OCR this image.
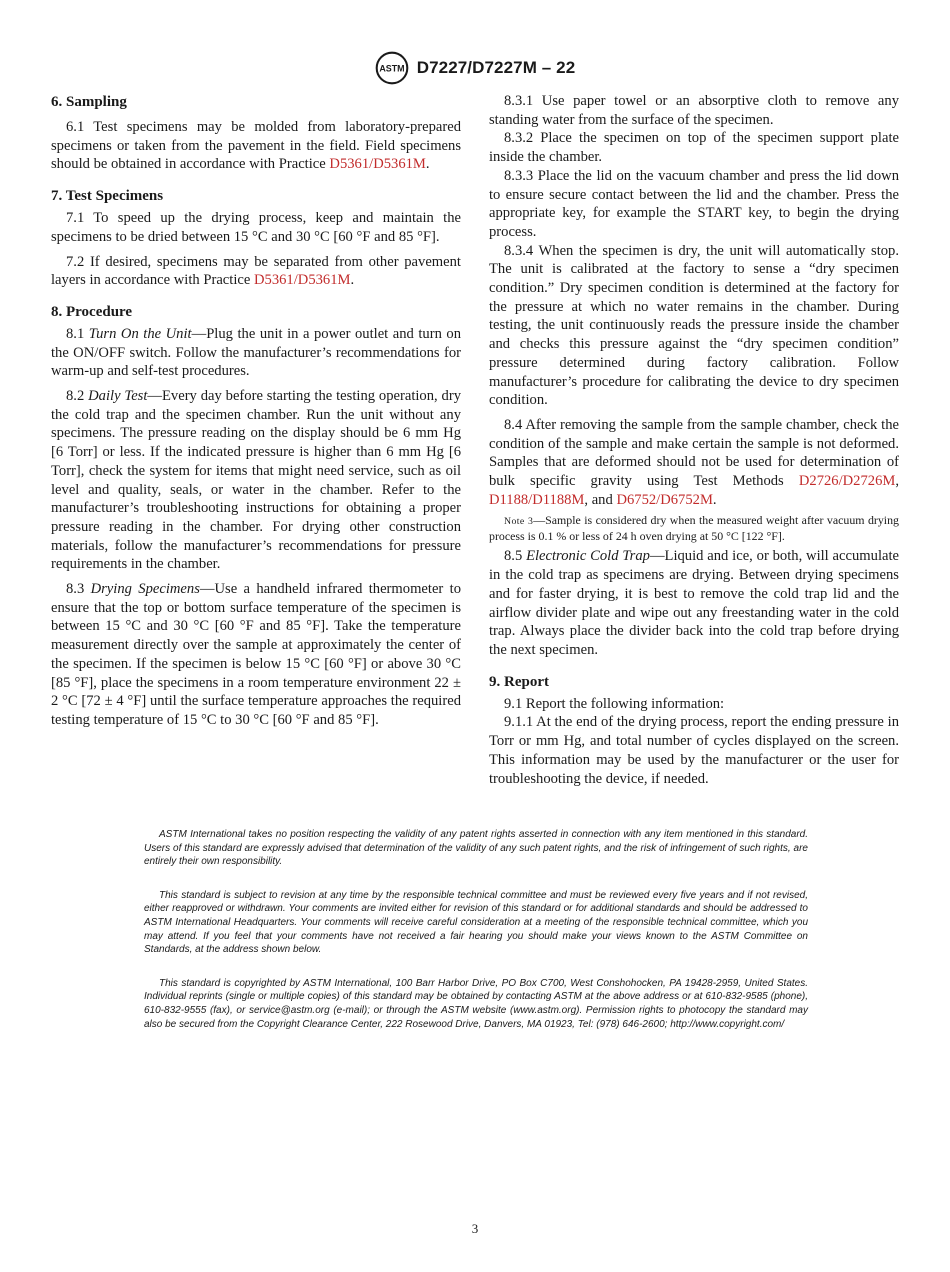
ASTM D7227/D7227M – 22
6. Sampling

6.1 Test specimens may be molded from laboratory-prepared specimens or taken from the pavement in the field. Field specimens should be obtained in accordance with Practice D5361/D5361M.

7. Test Specimens

7.1 To speed up the drying process, keep and maintain the specimens to be dried between 15 °C and 30 °C [60 °F and 85 °F].

7.2 If desired, specimens may be separated from other pavement layers in accordance with Practice D5361/D5361M.

8. Procedure

8.1 Turn On the Unit—Plug the unit in a power outlet and turn on the ON/OFF switch. Follow the manufacturer’s recommendations for warm-up and self-test procedures.

8.2 Daily Test—Every day before starting the testing operation, dry the cold trap and the specimen chamber. Run the unit without any specimens. The pressure reading on the display should be 6 mm Hg [6 Torr] or less. If the indicated pressure is higher than 6 mm Hg [6 Torr], check the system for items that might need service, such as oil level and quality, seals, or water in the chamber. Refer to the manufacturer’s troubleshooting instructions for obtaining a proper pressure reading in the chamber. For drying other construction materials, follow the manufacturer’s recommendations for pressure requirements in the chamber.

8.3 Drying Specimens—Use a handheld infrared thermometer to ensure that the top or bottom surface temperature of the specimen is between 15 °C and 30 °C [60 °F and 85 °F]. Take the temperature measurement directly over the sample at approximately the center of the specimen. If the specimen is below 15 °C [60 °F] or above 30 °C [85 °F], place the specimens in a room temperature environment 22 ± 2 °C [72 ± 4 °F] until the surface temperature approaches the required testing temperature of 15 °C to 30 °C [60 °F and 85 °F].

8.3.1 Use paper towel or an absorptive cloth to remove any standing water from the surface of the specimen.

8.3.2 Place the specimen on top of the specimen support plate inside the chamber.

8.3.3 Place the lid on the vacuum chamber and press the lid down to ensure secure contact between the lid and the chamber. Press the appropriate key, for example the START key, to begin the drying process.

8.3.4 When the specimen is dry, the unit will automatically stop. The unit is calibrated at the factory to sense a “dry specimen condition.” Dry specimen condition is determined at the factory for the pressure at which no water remains in the chamber. During testing, the unit continuously reads the pressure inside the chamber and checks this pressure against the “dry specimen condition” pressure determined during factory calibration. Follow manufacturer’s procedure for calibrating the device to dry specimen condition.

8.4 After removing the sample from the sample chamber, check the condition of the sample and make certain the sample is not deformed. Samples that are deformed should not be used for determination of bulk specific gravity using Test Methods D2726/D2726M, D1188/D1188M, and D6752/D6752M.

Note 3—Sample is considered dry when the measured weight after vacuum drying process is 0.1 % or less of 24 h oven drying at 50 °C [122 °F].

8.5 Electronic Cold Trap—Liquid and ice, or both, will accumulate in the cold trap as specimens are drying. Between drying specimens and for faster drying, it is best to remove the cold trap lid and the airflow divider plate and wipe out any freestanding water in the cold trap. Always place the divider back into the cold trap before drying the next specimen.

9. Report

9.1 Report the following information:

9.1.1 At the end of the drying process, report the ending pressure in Torr or mm Hg, and total number of cycles displayed on the screen. This information may be used by the manufacturer or the user for troubleshooting the device, if needed.

ASTM International takes no position respecting the validity of any patent rights asserted in connection with any item mentioned in this standard. Users of this standard are expressly advised that determination of the validity of any such patent rights, and the risk of infringement of such rights, are entirely their own responsibility.

This standard is subject to revision at any time by the responsible technical committee and must be reviewed every five years and if not revised, either reapproved or withdrawn. Your comments are invited either for revision of this standard or for additional standards and should be addressed to ASTM International Headquarters. Your comments will receive careful consideration at a meeting of the responsible technical committee, which you may attend. If you feel that your comments have not received a fair hearing you should make your views known to the ASTM Committee on Standards, at the address shown below.

This standard is copyrighted by ASTM International, 100 Barr Harbor Drive, PO Box C700, West Conshohocken, PA 19428-2959, United States. Individual reprints (single or multiple copies) of this standard may be obtained by contacting ASTM at the above address or at 610-832-9585 (phone), 610-832-9555 (fax), or service@astm.org (e-mail); or through the ASTM website (www.astm.org). Permission rights to photocopy the standard may also be secured from the Copyright Clearance Center, 222 Rosewood Drive, Danvers, MA 01923, Tel: (978) 646-2600; http://www.copyright.com/

3
